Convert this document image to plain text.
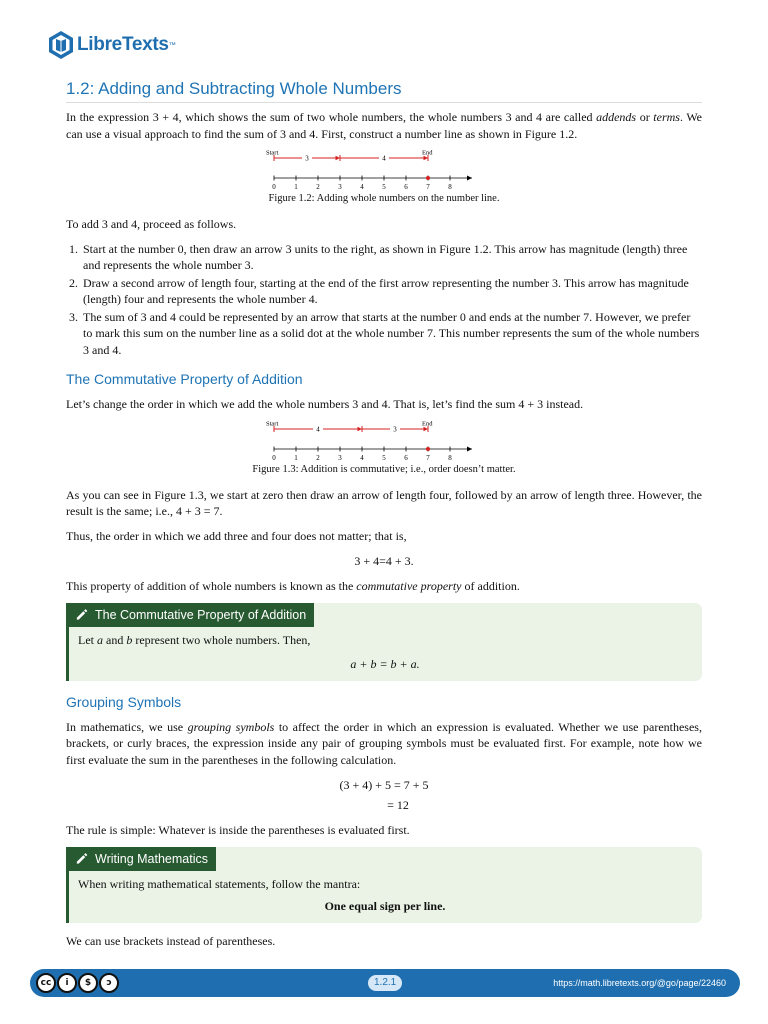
LibreTexts ™
1.2: Adding and Subtracting Whole Numbers

In the expression 3 + 4, which shows the sum of two whole numbers, the whole numbers 3 and 4 are called addends or terms. We can use a visual approach to find the sum of 3 and 4. First, construct a number line as shown in Figure 1.2.

0	1	2	3	4	5	6	7	8
Start	End
3	4
Figure 1.2: Adding whole numbers on the number line.

To add 3 and 4, proceed as follows.

1. Start at the number 0, then draw an arrow 3 units to the right, as shown in Figure 1.2. This arrow has magnitude (length) three and represents the whole number 3.
2. Draw a second arrow of length four, starting at the end of the first arrow representing the number 3. This arrow has magnitude (length) four and represents the whole number 4.
3. The sum of 3 and 4 could be represented by an arrow that starts at the number 0 and ends at the number 7. However, we prefer to mark this sum on the number line as a solid dot at the whole number 7. This number represents the sum of the whole numbers 3 and 4.
The Commutative Property of Addition

Let’s change the order in which we add the whole numbers 3 and 4. That is, let’s find the sum 4 + 3 instead.

0	1	2	3	4	5	6	7	8
Start	End
4	3
Figure 1.3: Addition is commutative; i.e., order doesn’t matter.

As you can see in Figure 1.3, we start at zero then draw an arrow of length four, followed by an arrow of length three. However, the result is the same; i.e., 4 + 3 = 7.

Thus, the order in which we add three and four does not matter; that is,

3 + 4=4 + 3.

This property of addition of whole numbers is known as the commutative property of addition.

The Commutative Property of Addition
Let a and b represent two whole numbers. Then,
a + b = b + a.
Grouping Symbols

In mathematics, we use grouping symbols to affect the order in which an expression is evaluated. Whether we use parentheses, brackets, or curly braces, the expression inside any pair of grouping symbols must be evaluated first. For example, note how we first evaluate the sum in the parentheses in the following calculation.

(3 + 4) + 5 = 7 + 5
= 12

The rule is simple: Whatever is inside the parentheses is evaluated first.

Writing Mathematics
When writing mathematical statements, follow the mantra:
One equal sign per line.

We can use brackets instead of parentheses.

cc	i	$	ↄ	1.2.1	https://math.libretexts.org/@go/page/22460
